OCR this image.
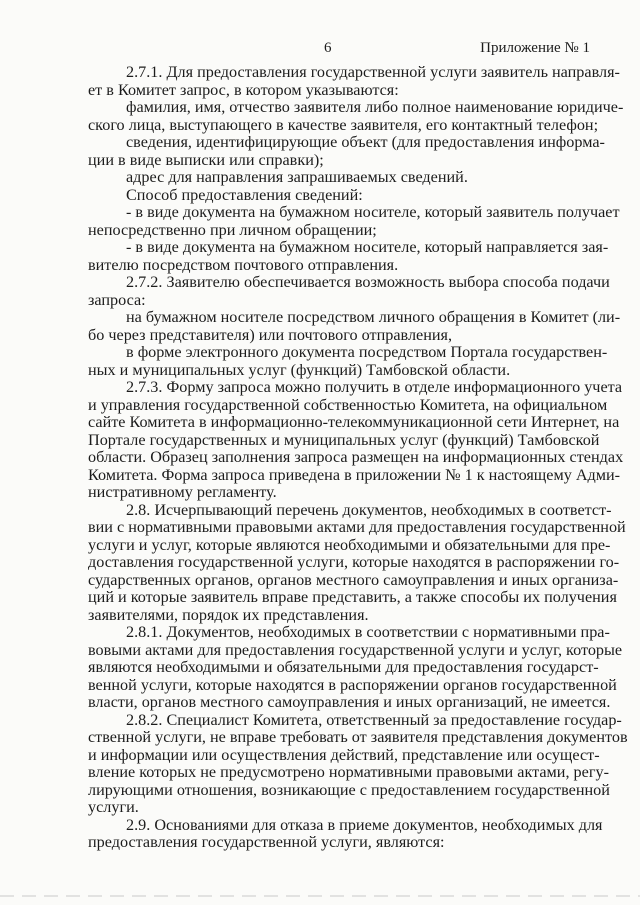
6	Приложение № 1
2.7.1. Для предоставления государственной услуги заявитель направля-
ет в Комитет запрос, в котором указываются:
фамилия, имя, отчество заявителя либо полное наименование юридиче-
ского лица, выступающего в качестве заявителя, его контактный телефон;
сведения, идентифицирующие объект (для предоставления информа-
ции в виде выписки или справки);
адрес для направления запрашиваемых сведений.
Способ предоставления сведений:
- в виде документа на бумажном носителе, который заявитель получает
непосредственно при личном обращении;
- в виде документа на бумажном носителе, который направляется зая-
вителю посредством почтового отправления.
2.7.2. Заявителю обеспечивается возможность выбора способа подачи
запроса:
на бумажном носителе посредством личного обращения в Комитет (ли-
бо через представителя) или почтового отправления,
в форме электронного документа посредством Портала государствен-
ных и муниципальных услуг (функций) Тамбовской области.
2.7.3. Форму запроса можно получить в отделе информационного учета
и управления государственной собственностью Комитета, на официальном
сайте Комитета в информационно-телекоммуникационной сети Интернет, на
Портале государственных и муниципальных услуг (функций) Тамбовской
области. Образец заполнения запроса размещен на информационных стендах
Комитета. Форма запроса приведена в приложении № 1 к настоящему Адми-
нистративному регламенту.
2.8. Исчерпывающий перечень документов, необходимых в соответст-
вии с нормативными правовыми актами для предоставления государственной
услуги и услуг, которые являются необходимыми и обязательными для пре-
доставления государственной услуги, которые находятся в распоряжении го-
сударственных органов, органов местного самоуправления и иных организа-
ций и которые заявитель вправе представить, а также способы их получения
заявителями, порядок их представления.
2.8.1. Документов, необходимых в соответствии с нормативными пра-
вовыми актами для предоставления государственной услуги и услуг, которые
являются необходимыми и обязательными для предоставления государст-
венной услуги, которые находятся в распоряжении органов государственной
власти, органов местного самоуправления и иных организаций, не имеется.
2.8.2. Специалист Комитета, ответственный за предоставление государ-
ственной услуги, не вправе требовать от заявителя представления документов
и информации или осуществления действий, представление или осущест-
вление которых не предусмотрено нормативными правовыми актами, регу-
лирующими отношения, возникающие с предоставлением государственной
услуги.
2.9. Основаниями для отказа в приеме документов, необходимых для
предоставления государственной услуги, являются:
